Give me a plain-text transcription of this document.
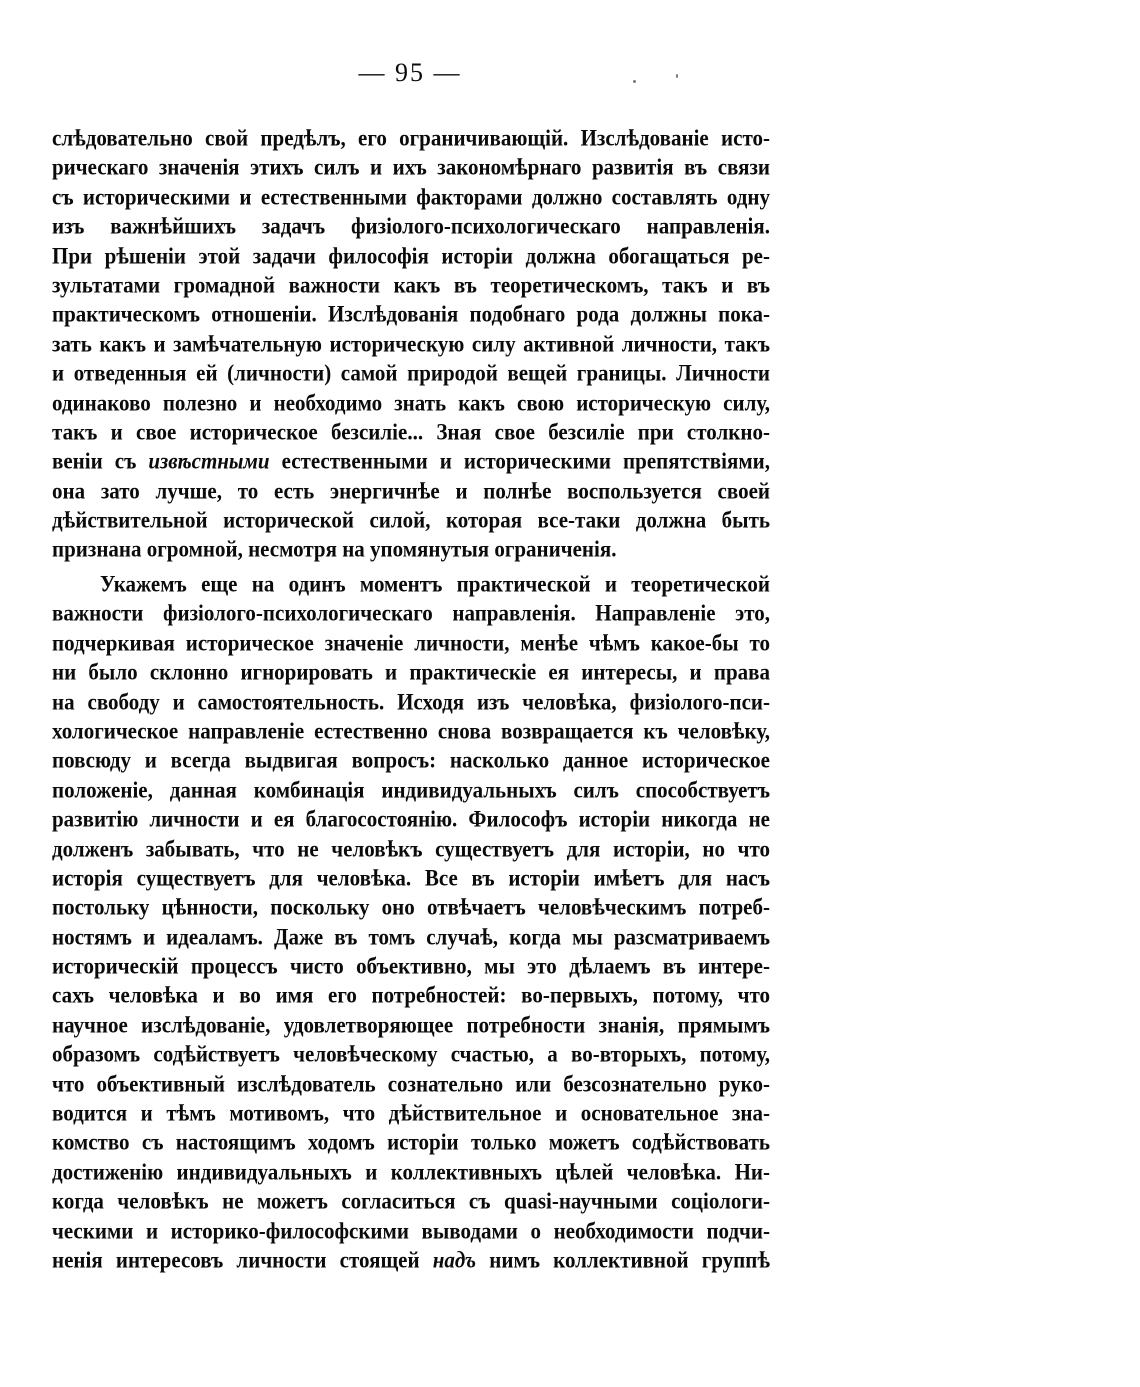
— 95 —
слѣдовательно свой предѣлъ, его ограничивающій. Изслѣдованіе исто-
рическаго значенія этихъ силъ и ихъ закономѣрнаго развитія въ связи
съ историческими и естественными факторами должно составлять одну
изъ важнѣйшихъ задачъ физіолого-психологическаго направленія.
При рѣшеніи этой задачи философія исторіи должна обогащаться ре-
зультатами громадной важности какъ въ теоретическомъ, такъ и въ
практическомъ отношеніи. Изслѣдованія подобнаго рода должны пока-
зать какъ и замѣчательную историческую силу активной личности, такъ
и отведенныя ей (личности) самой природой вещей границы. Личности
одинаково полезно и необходимо знать какъ свою историческую силу,
такъ и свое историческое безсиліе... Зная свое безсиліе при столкно-
веніи съ извѣстными естественными и историческими препятствіями,
она зато лучше, то есть энергичнѣе и полнѣе воспользуется своей
дѣйствительной исторической силой, которая все-таки должна быть
признана огромной, несмотря на упомянутыя ограниченія.
Укажемъ еще на одинъ моментъ практической и теоретической
важности физіолого-психологическаго направленія. Направленіе это,
подчеркивая историческое значеніе личности, менѣе чѣмъ какое-бы то
ни было склонно игнорировать и практическіе ея интересы, и права
на свободу и самостоятельность. Исходя изъ человѣка, физіолого-пси-
хологическое направленіе естественно снова возвращается къ человѣку,
повсюду и всегда выдвигая вопросъ: насколько данное историческое
положеніе, данная комбинація индивидуальныхъ силъ способствуетъ
развитію личности и ея благосостоянію. Философъ исторіи никогда не
долженъ забывать, что не человѣкъ существуетъ для исторіи, но что
исторія существуетъ для человѣка. Все въ исторіи имѣетъ для насъ
постольку цѣнности, поскольку оно отвѣчаетъ человѣческимъ потреб-
ностямъ и идеаламъ. Даже въ томъ случаѣ, когда мы разсматриваемъ
историческій процессъ чисто объективно, мы это дѣлаемъ въ интере-
сахъ человѣка и во имя его потребностей: во-первыхъ, потому, что
научное изслѣдованіе, удовлетворяющее потребности знанія, прямымъ
образомъ содѣйствуетъ человѣческому счастью, а во-вторыхъ, потому,
что объективный изслѣдователь сознательно или безсознательно руко-
водится и тѣмъ мотивомъ, что дѣйствительное и основательное зна-
комство съ настоящимъ ходомъ исторіи только можетъ содѣйствовать
достиженію индивидуальныхъ и коллективныхъ цѣлей человѣка. Ни-
когда человѣкъ не можетъ согласиться съ quasi-научными соціологи-
ческими и историко-философскими выводами о необходимости подчи-
ненія интересовъ личности стоящей надъ нимъ коллективной группѣ
